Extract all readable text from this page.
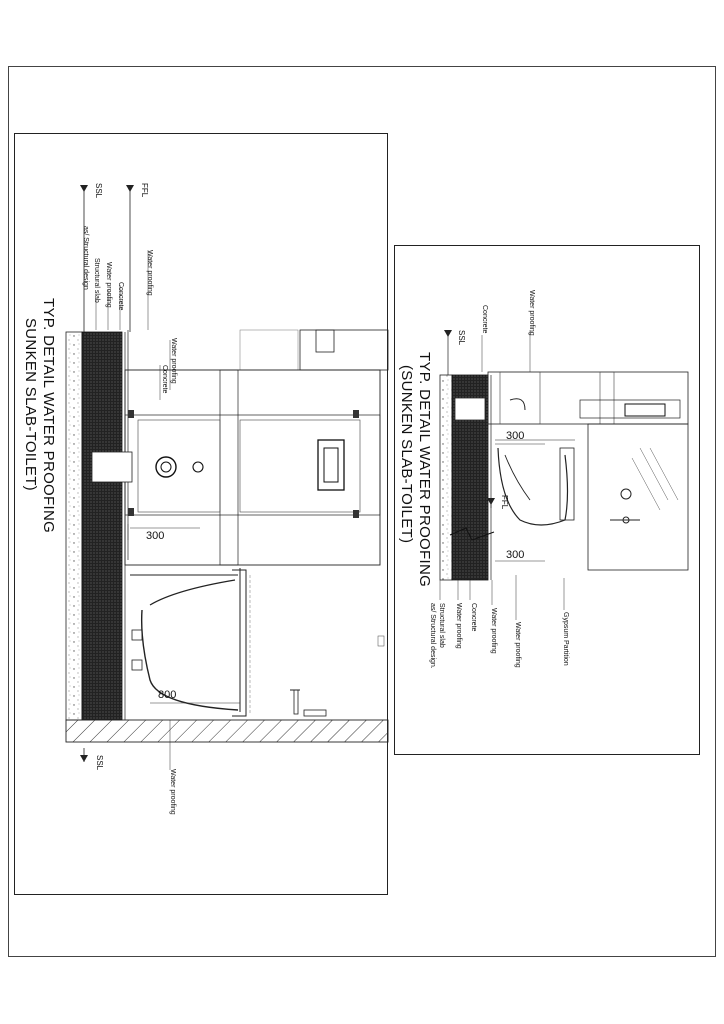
TYP. DETAIL WATER PROOFING
SUNKEN SLAB-TOILET)
SSL	FFL
SSL
Water proofing
Concrete
Water proofing
Structural slab
as/ Structural design
Water proofing
Concrete
Water proofing
300
800
TYP. DETAIL WATER PROOFING
(SUNKEN SLAB-TOILET)
SSL
FFL
Water proofing
Concrete
Structural slab
as/ Structural design.	Water proofing Concrete Water proofing Water proofing	Gypsum Partition
300
300
